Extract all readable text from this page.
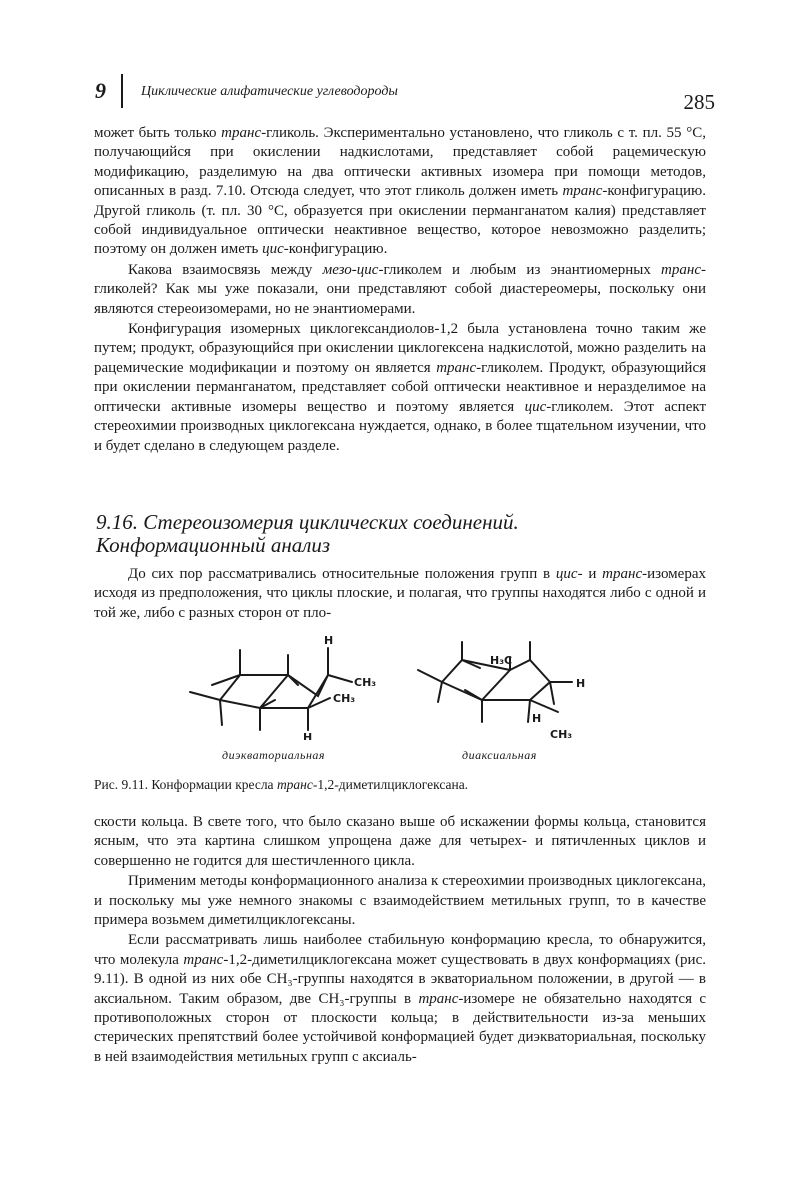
9	Циклические алифатические углеводороды	285

может быть только транс-гликоль. Экспериментально установлено, что гликоль с т. пл. 55 °С, получающийся при окислении надкислотами, представляет собой рацемическую модификацию, разделимую на два оптически активных изомера при помощи методов, описанных в разд. 7.10. Отсюда следует, что этот гликоль должен иметь транс-конфигурацию. Другой гликоль (т. пл. 30 °С, образуется при окислении перманганатом калия) представляет собой индивидуальное оптически неактивное вещество, которое невозможно разделить; поэтому он должен иметь цис-конфигурацию.

Какова взаимосвязь между мезо-цис-гликолем и любым из энантиомерных транс-гликолей? Как мы уже показали, они представляют собой диастереомеры, поскольку они являются стереоизомерами, но не энантиомерами.

Конфигурация изомерных циклогександиолов-1,2 была установлена точно таким же путем; продукт, образующийся при окислении циклогексена надкислотой, можно разделить на рацемические модификации и поэтому он является транс-гликолем. Продукт, образующийся при окислении перманганатом, представляет собой оптически неактивное и неразделимое на оптически активные изомеры вещество и поэтому является цис-гликолем. Этот аспект стереохимии производных циклогексана нуждается, однако, в более тщательном изучении, что и будет сделано в следующем разделе.

9.16. Стереоизомерия циклических соединений.
Конформационный анализ

До сих пор рассматривались относительные положения групп в цис- и транс-изомерах исходя из предположения, что циклы плоские, и полагая, что группы находятся либо с одной и той же, либо с разных сторон от пло-

H
CH₃
CH₃
H
H₃C
H
H
CH₃
диэкваториальная	диаксиальная
Рис. 9.11. Конформации кресла транс-1,2-диметилциклогексана.

скости кольца. В свете того, что было сказано выше об искажении формы кольца, становится ясным, что эта картина слишком упрощена даже для четырех- и пятичленных циклов и совершенно не годится для шестичленного цикла.

Применим методы конформационного анализа к стереохимии производных циклогексана, и поскольку мы уже немного знакомы с взаимодействием метильных групп, то в качестве примера возьмем диметилциклогексаны.

Если рассматривать лишь наиболее стабильную конформацию кресла, то обнаружится, что молекула транс-1,2-диметилциклогексана может существовать в двух конформациях (рис. 9.11). В одной из них обе СН₃-группы находятся в экваториальном положении, в другой — в аксиальном. Таким образом, две СН₃-группы в транс-изомере не обязательно находятся с противоположных сторон от плоскости кольца; в действительности из-за меньших стерических препятствий более устойчивой конформацией будет диэкваториальная, поскольку в ней взаимодействия метильных групп с аксиаль-
